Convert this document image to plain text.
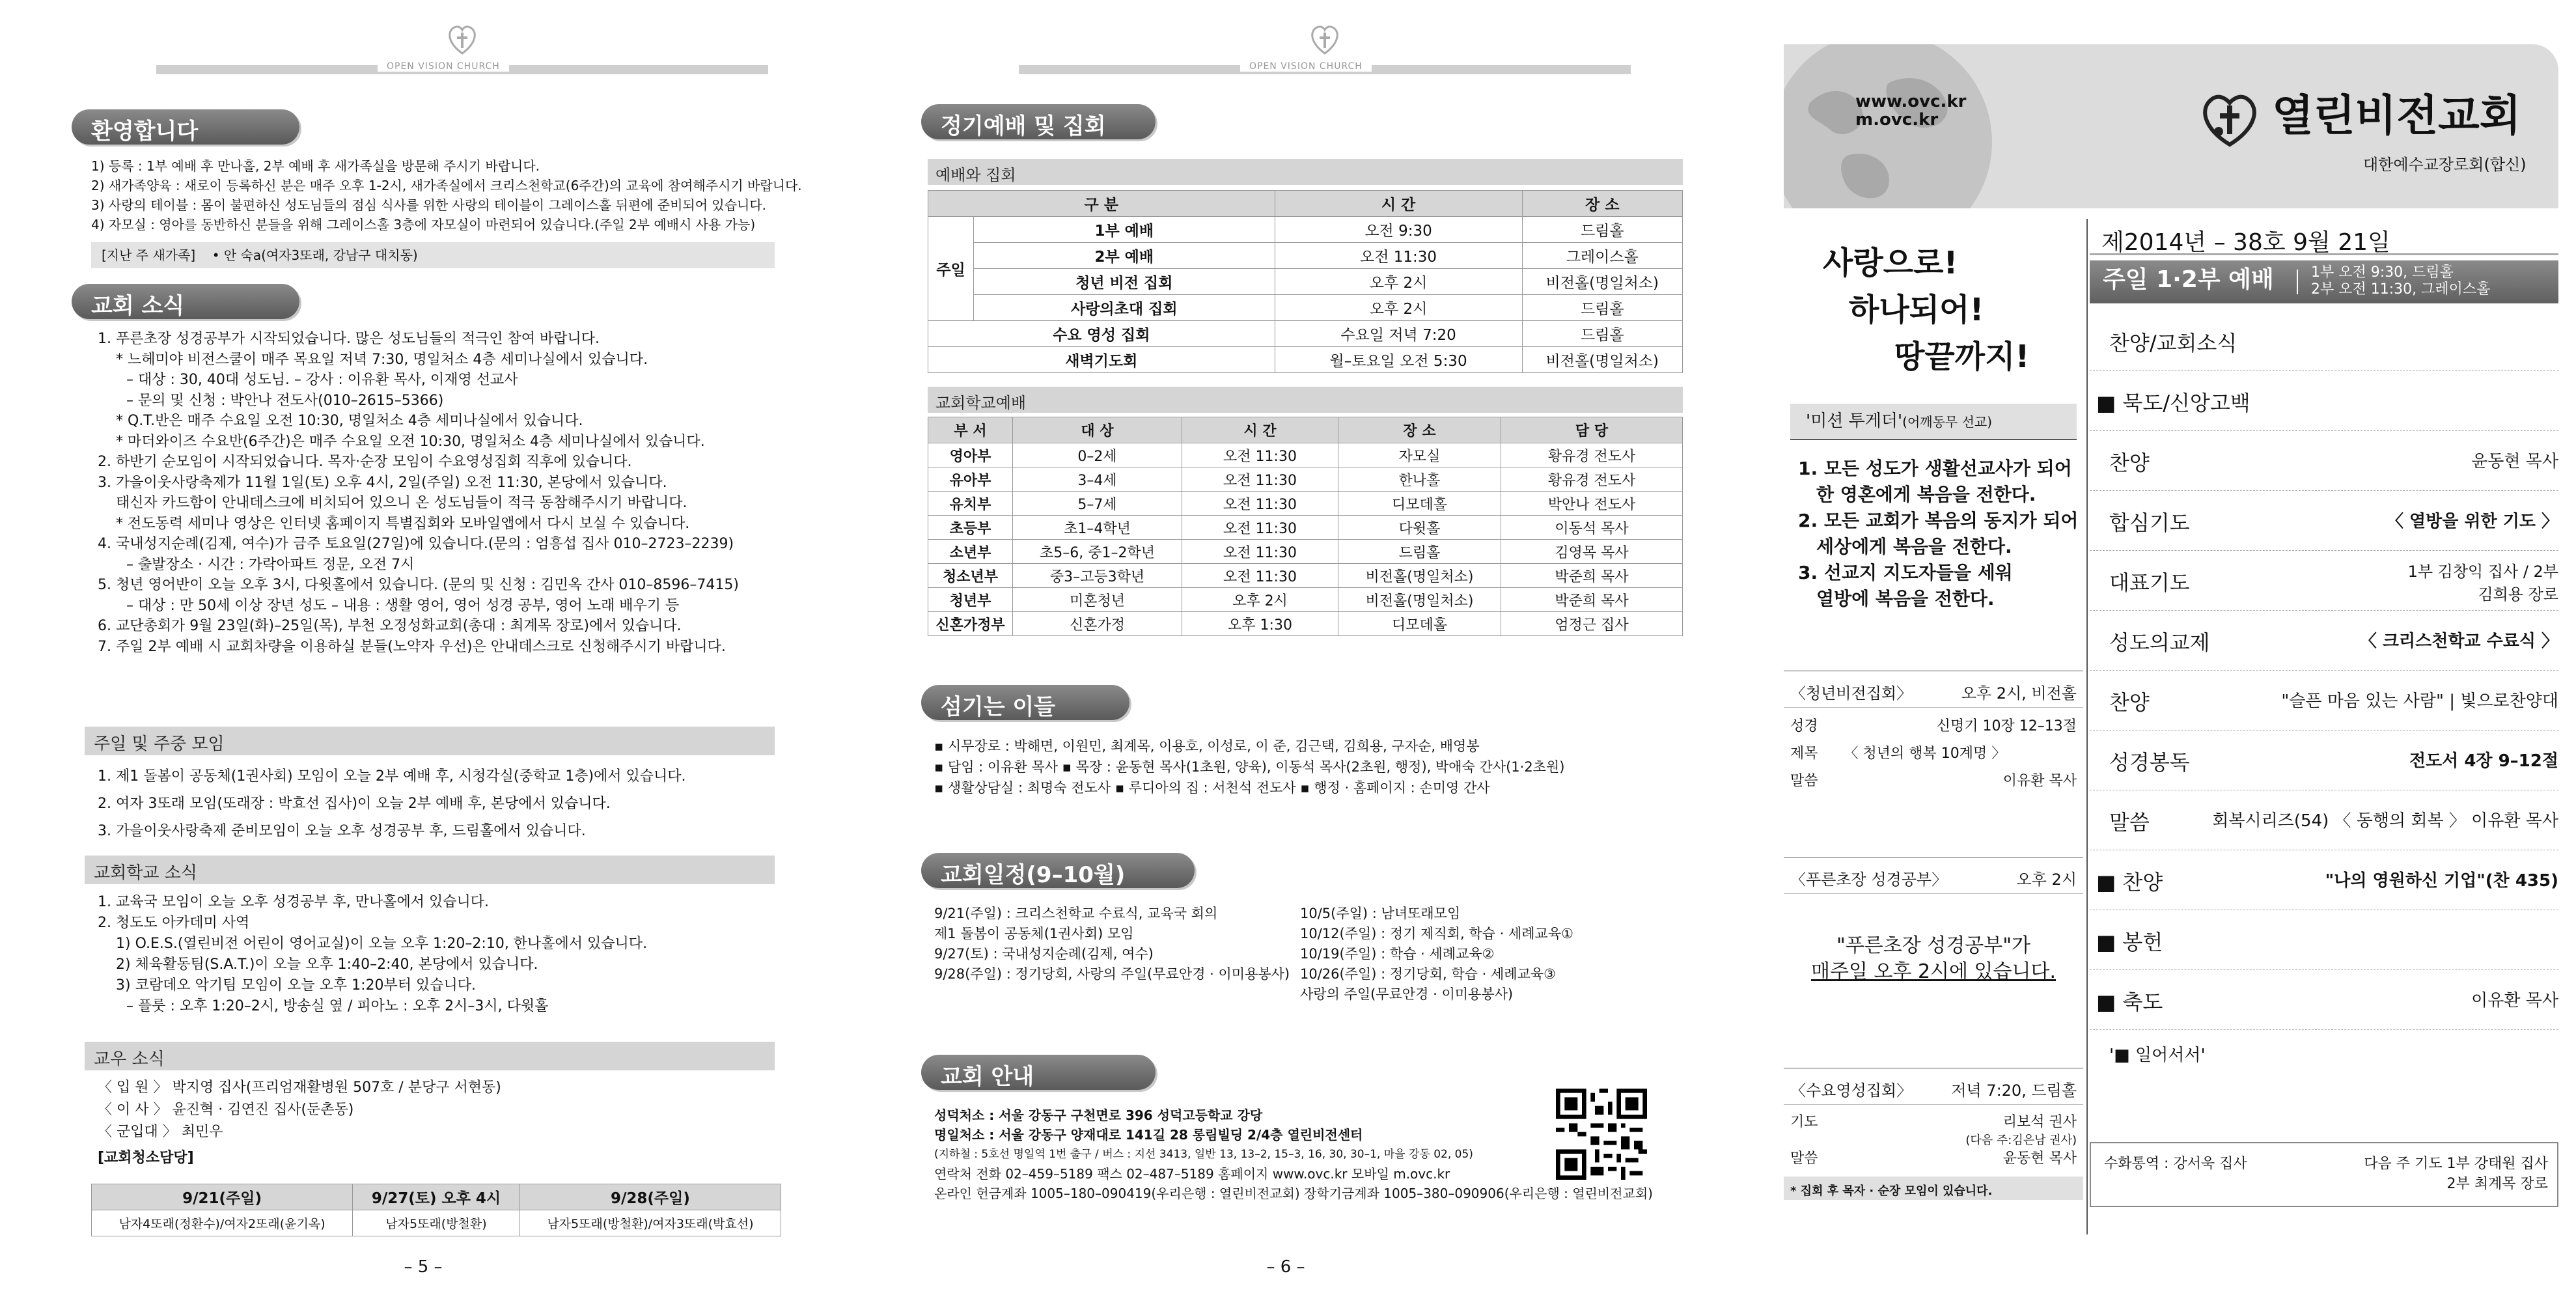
OPEN VISION CHURCH
환영합니다
1) 등록 : 1부 예배 후 만나홀, 2부 예배 후 새가족실을 방문해 주시기 바랍니다.
2) 새가족양육 : 새로이 등록하신 분은 매주 오후 1-2시, 새가족실에서 크리스천학교(6주간)의 교육에 참여해주시기 바랍니다.
3) 사랑의 테이블 : 몸이 불편하신 성도님들의 점심 식사를 위한 사랑의 테이블이 그레이스홀 뒤편에 준비되어 있습니다.
4) 자모실 : 영아를 동반하신 분들을 위해 그레이스홀 3층에 자모실이 마련되어 있습니다.(주일 2부 예배시 사용 가능)
[지난 주 새가족] • 안 숙a(여자3또래, 강남구 대치동)
교회 소식
1. 푸른초장 성경공부가 시작되었습니다. 많은 성도님들의 적극인 참여 바랍니다.
* 느헤미야 비전스쿨이 매주 목요일 저녁 7:30, 명일처소 4층 세미나실에서 있습니다.
– 대상 : 30, 40대 성도님. – 강사 : 이유환 목사, 이재영 선교사
– 문의 및 신청 : 박안나 전도사(010–2615–5366)
* Q.T.반은 매주 수요일 오전 10:30, 명일처소 4층 세미나실에서 있습니다.
* 마더와이즈 수요반(6주간)은 매주 수요일 오전 10:30, 명일처소 4층 세미나실에서 있습니다.
2. 하반기 순모임이 시작되었습니다. 목자·순장 모임이 수요영성집회 직후에 있습니다.
3. 가을이웃사랑축제가 11월 1일(토) 오후 4시, 2일(주일) 오전 11:30, 본당에서 있습니다.
태신자 카드함이 안내데스크에 비치되어 있으니 온 성도님들이 적극 동참해주시기 바랍니다.
* 전도동력 세미나 영상은 인터넷 홈페이지 특별집회와 모바일앱에서 다시 보실 수 있습니다.
4. 국내성지순례(김제, 여수)가 금주 토요일(27일)에 있습니다.(문의 : 엄흥섭 집사 010–2723–2239)
– 출발장소 · 시간 : 가락아파트 정문, 오전 7시
5. 청년 영어반이 오늘 오후 3시, 다윗홀에서 있습니다. (문의 및 신청 : 김민옥 간사 010–8596–7415)
– 대상 : 만 50세 이상 장년 성도 – 내용 : 생활 영어, 영어 성경 공부, 영어 노래 배우기 등
6. 교단총회가 9월 23일(화)–25일(목), 부천 오정성화교회(총대 : 최계목 장로)에서 있습니다.
7. 주일 2부 예배 시 교회차량을 이용하실 분들(노약자 우선)은 안내데스크로 신청해주시기 바랍니다.
주일 및 주중 모임
1. 제1 돌봄이 공동체(1권사회) 모임이 오늘 2부 예배 후, 시청각실(중학교 1층)에서 있습니다.
2. 여자 3또래 모임(또래장 : 박효선 집사)이 오늘 2부 예배 후, 본당에서 있습니다.
3. 가을이웃사랑축제 준비모임이 오늘 오후 성경공부 후, 드림홀에서 있습니다.
교회학교 소식
1. 교육국 모임이 오늘 오후 성경공부 후, 만나홀에서 있습니다.
2. 청도도 아카데미 사역
1) O.E.S.(열린비전 어린이 영어교실)이 오늘 오후 1:20–2:10, 한나홀에서 있습니다.
2) 체육활동팀(S.A.T.)이 오늘 오후 1:40–2:40, 본당에서 있습니다.
3) 코람데오 악기팀 모임이 오늘 오후 1:20부터 있습니다.
– 플룻 : 오후 1:20–2시, 방송실 옆 / 피아노 : 오후 2시–3시, 다윗홀
교우 소식
〈 입 원 〉 박지영 집사(프리엄재활병원 507호 / 분당구 서현동)
〈 이 사 〉 윤진혁 · 김연진 집사(둔촌동)
〈 군입대 〉 최민우
[교회청소담당]
9/21(주일)	9/27(토) 오후 4시	9/28(주일)
남자4또래(정환수)/여자2또래(윤기옥)	남자5또래(방철환)	남자5또래(방철환)/여자3또래(박효선)
– 5 –
OPEN VISION CHURCH
정기예배 및 집회
예배와 집회
구 분		시 간	장 소
주일	1부 예배	오전 9:30	드림홀
	2부 예배	오전 11:30	그레이스홀
	청년 비전 집회	오후 2시	비전홀(명일처소)
	사랑의초대 집회	오후 2시	드림홀
수요 영성 집회		수요일 저녁 7:20	드림홀
새벽기도회		월–토요일 오전 5:30	비전홀(명일처소)
교회학교예배
부 서	대 상	시 간	장 소	담 당
영아부	0–2세	오전 11:30	자모실	황유경 전도사
유아부	3–4세	오전 11:30	한나홀	황유경 전도사
유치부	5–7세	오전 11:30	디모데홀	박안나 전도사
초등부	초1–4학년	오전 11:30	다윗홀	이동석 목사
소년부	초5–6, 중1–2학년	오전 11:30	드림홀	김영목 목사
청소년부	중3–고등3학년	오전 11:30	비전홀(명일처소)	박준희 목사
청년부	미혼청년	오후 2시	비전홀(명일처소)	박준희 목사
신혼가정부	신혼가정	오후 1:30	디모데홀	엄정근 집사
섬기는 이들
▪ 시무장로 : 박해면, 이원민, 최계목, 이용호, 이성로, 이 준, 김근택, 김희용, 구자순, 배영봉
▪ 담임 : 이유환 목사 ▪ 목장 : 윤동현 목사(1초원, 양육), 이동석 목사(2초원, 행정), 박애숙 간사(1·2초원)
▪ 생활상담실 : 최명숙 전도사 ▪ 루디아의 집 : 서천석 전도사 ▪ 행정 · 홈페이지 : 손미영 간사
교회일정(9–10월)
9/21(주일) : 크리스천학교 수료식, 교육국 회의
제1 돌봄이 공동체(1권사회) 모임
9/27(토) : 국내성지순례(김제, 여수)
9/28(주일) : 정기당회, 사랑의 주일(무료안경 · 이미용봉사)
10/5(주일) : 남녀또래모임
10/12(주일) : 정기 제직회, 학습 · 세례교육①
10/19(주일) : 학습 · 세례교육②
10/26(주일) : 정기당회, 학습 · 세례교육③
사랑의 주일(무료안경 · 이미용봉사)
교회 안내
성덕처소 : 서울 강동구 구천면로 396 성덕고등학교 강당
명일처소 : 서울 강동구 양재대로 141길 28 롱림빌딩 2/4층 열린비전센터
(지하철 : 5호선 명일역 1번 출구 / 버스 : 지선 3413, 일반 13, 13–2, 15–3, 16, 30, 30–1, 마을 강동 02, 05)
연락처 전화 02–459–5189 팩스 02–487–5189 홈페이지 www.ovc.kr 모바일 m.ovc.kr
온라인 헌금계좌 1005–180–090419(우리은행 : 열린비전교회) 장학기금계좌 1005–380–090906(우리은행 : 열린비전교회)
– 6 –
www.ovc.kr
m.ovc.kr	열린비전교회
대한예수교장로회(합신)
제2014년 – 38호 9월 21일
주일 1·2부 예배	1부 오전 9:30, 드림홀
2부 오전 11:30, 그레이스홀
사랑으로!
하나되어!
땅끝까지!
'미션 투게더'(어깨동무 선교)
1. 모든 성도가 생활선교사가 되어
한 영혼에게 복음을 전한다.
2. 모든 교회가 복음의 동지가 되어
세상에게 복음을 전한다.
3. 선교지 지도자들을 세워
열방에 복음을 전한다.
〈청년비전집회〉	오후 2시, 비전홀
성경	신명기 10장 12–13절
제목 〈 청년의 행복 10계명 〉
말씀	이유환 목사
〈푸른초장 성경공부〉	오후 2시
"푸른초장 성경공부"가
매주일 오후 2시에 있습니다.
〈수요영성집회〉	저녁 7:20, 드림홀
기도	리보석 권사
(다음 주:김은남 권사)
말씀	윤동현 목사
* 집회 후 목자 · 순장 모임이 있습니다.
찬양/교회소식
■ 묵도/신앙고백
찬양	윤동현 목사
합심기도	〈 열방을 위한 기도 〉
대표기도	1부 김창익 집사 / 2부 김희용 장로
성도의교제	〈 크리스천학교 수료식 〉
찬양	"슬픈 마음 있는 사람" | 빛으로찬양대
성경봉독	전도서 4장 9–12절
말씀	회복시리즈(54) 〈 동행의 회복 〉 이유환 목사
■ 찬양	"나의 영원하신 기업"(찬 435)
■ 봉헌
■ 축도	이유환 목사
'■ 일어서서'
수화통역 : 강서욱 집사	다음 주 기도 1부 강태원 집사
2부 최계목 장로
